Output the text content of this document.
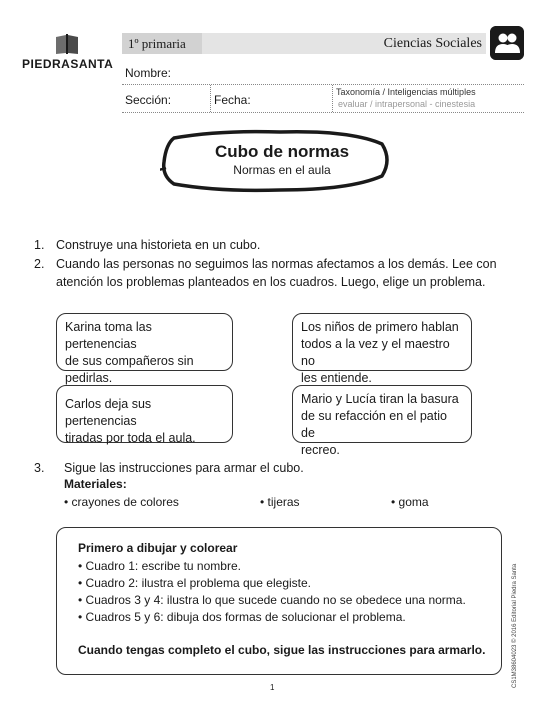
PIEDRASANTA
1º primaria	Ciencias Sociales
Nombre:
Sección:	Fecha:
Taxonomía / Inteligencias múltiples
evaluar / intrapersonal - cinestesia
Cubo de normas
Normas en el aula
1. Construye una historieta en un cubo.
2. Cuando las personas no seguimos las normas afectamos a los demás. Lee con
atención los problemas planteados en los cuadros. Luego, elige un problema.
Karina toma las pertenencias
de sus compañeros sin
pedirlas.
Los niños de primero hablan
todos a la vez y el maestro no
les entiende.
Carlos deja sus pertenencias
tiradas por toda el aula.
Mario y Lucía tiran la basura
de su refacción en el patio de
recreo.
3. Sigue las instrucciones para armar el cubo.
Materiales:
• crayones de colores	• tijeras	• goma
Primero a dibujar y colorear
• Cuadro 1: escribe tu nombre.
• Cuadro 2: ilustra el problema que elegiste.
• Cuadros 3 y 4: ilustra lo que sucede cuando no se obedece una norma.
• Cuadros 5 y 6: dibuja dos formas de solucionar el problema.
Cuando tengas completo el cubo, sigue las instrucciones para armarlo.	CS1M38604023 © 2016 Editorial Piedra Santa
1
